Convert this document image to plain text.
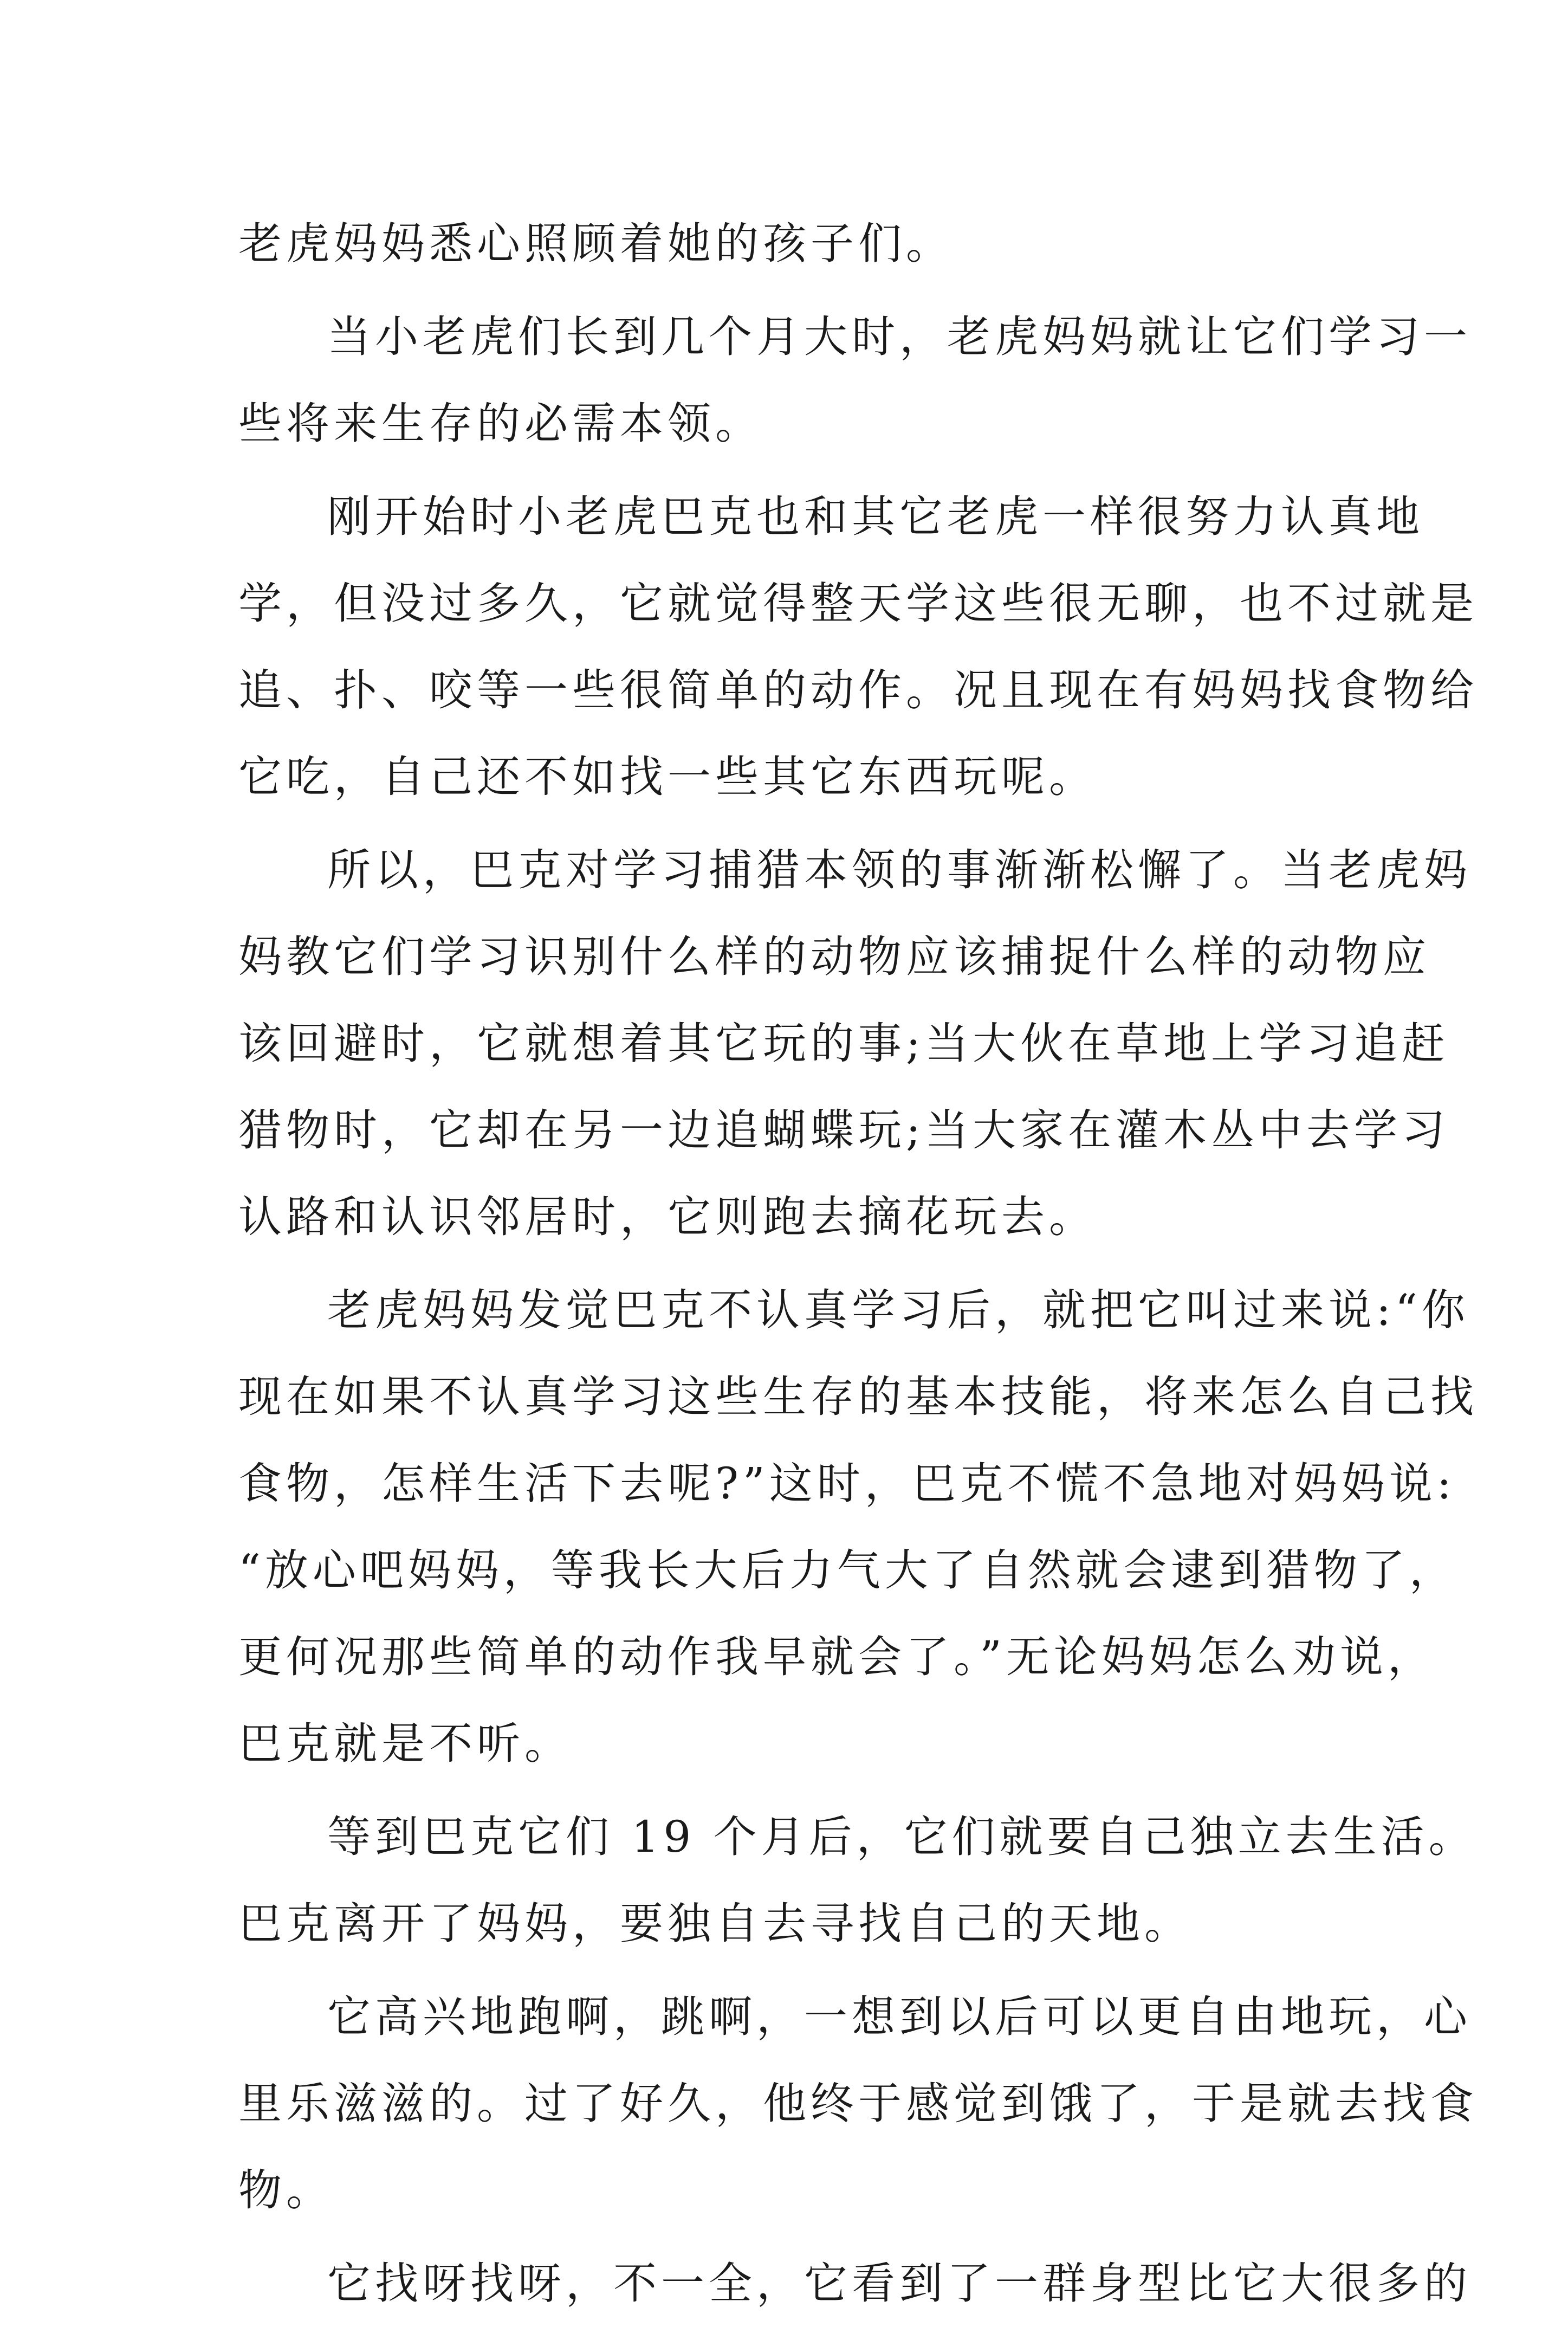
老虎妈妈悉心照顾着她的孩子们。
当小老虎们长到几个月大时，老虎妈妈就让它们学习一
些将来生存的必需本领。
刚开始时小老虎巴克也和其它老虎一样很努力认真地
学，但没过多久，它就觉得整天学这些很无聊，也不过就是
追、扑、咬等一些很简单的动作。况且现在有妈妈找食物给
它吃，自己还不如找一些其它东西玩呢。
所以，巴克对学习捕猎本领的事渐渐松懈了。当老虎妈
妈教它们学习识别什么样的动物应该捕捉什么样的动物应
该回避时，它就想着其它玩的事;当大伙在草地上学习追赶
猎物时，它却在另一边追蝴蝶玩;当大家在灌木丛中去学习
认路和认识邻居时，它则跑去摘花玩去。
老虎妈妈发觉巴克不认真学习后，就把它叫过来说:“你
现在如果不认真学习这些生存的基本技能，将来怎么自己找
食物，怎样生活下去呢?”这时，巴克不慌不急地对妈妈说:
“放心吧妈妈，等我长大后力气大了自然就会逮到猎物了，
更何况那些简单的动作我早就会了。”无论妈妈怎么劝说，
巴克就是不听。
等到巴克它们 19 个月后，它们就要自己独立去生活。
巴克离开了妈妈，要独自去寻找自己的天地。
它高兴地跑啊，跳啊，一想到以后可以更自由地玩，心
里乐滋滋的。过了好久，他终于感觉到饿了，于是就去找食
物。
它找呀找呀，不一全，它看到了一群身型比它大很多的
